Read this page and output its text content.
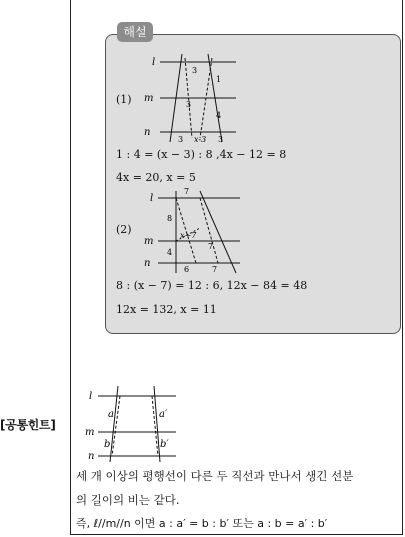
[공통힌트]
해설
(1)
l
m
n
3
1
3
4
3 x-3 3
1 : 4 = (x − 3) : 8 ,4x − 12 = 8
4x = 20, x = 5
(2)
l
m
n
7
8
x−7
7
4
6	7
8 : (x − 7) = 12 : 6, 12x − 84 = 48
12x = 132, x = 11
l
m
n
a	a′
b	b′
세 개 이상의 평행선이 다른 두 직선과 만나서 생긴 선분
의 길이의 비는 같다.
즉, ℓ//m//n 이면 a : a′ = b : b′ 또는 a : b = a′ : b′
